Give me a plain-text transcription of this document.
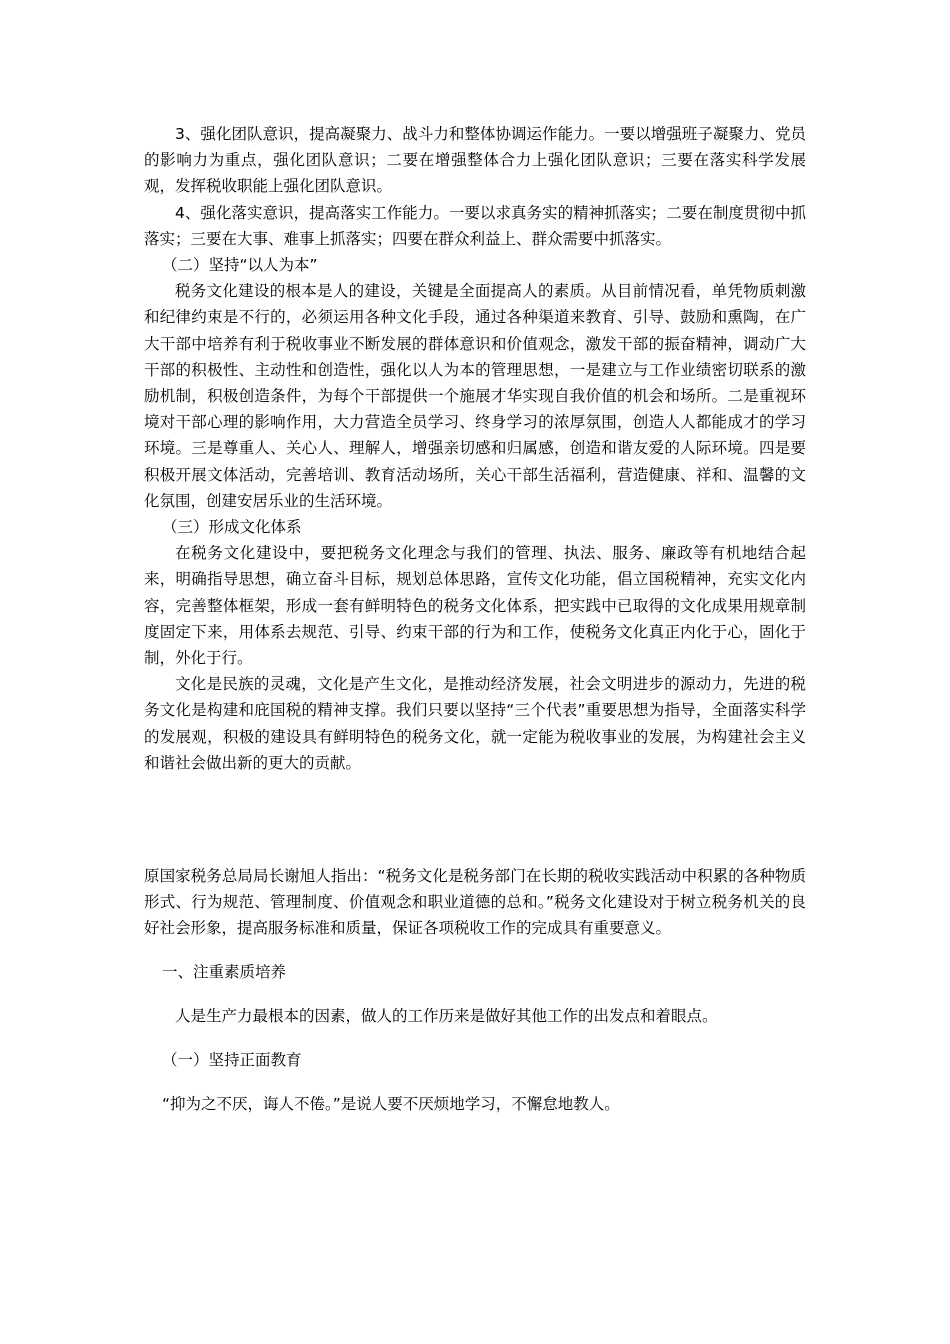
3、强化团队意识，提高凝聚力、战斗力和整体协调运作能力。一要以增强班子凝聚力、党员的影响力为重点，强化团队意识；二要在增强整体合力上强化团队意识；三要在落实科学发展观，发挥税收职能上强化团队意识。

4、强化落实意识，提高落实工作能力。一要以求真务实的精神抓落实；二要在制度贯彻中抓落实；三要在大事、难事上抓落实；四要在群众利益上、群众需要中抓落实。

（二）坚持“以人为本”

税务文化建设的根本是人的建设，关键是全面提高人的素质。从目前情况看，单凭物质刺激和纪律约束是不行的，必须运用各种文化手段，通过各种渠道来教育、引导、鼓励和熏陶，在广大干部中培养有利于税收事业不断发展的群体意识和价值观念，激发干部的振奋精神，调动广大干部的积极性、主动性和创造性，强化以人为本的管理思想，一是建立与工作业绩密切联系的激励机制，积极创造条件，为每个干部提供一个施展才华实现自我价值的机会和场所。二是重视环境对干部心理的影响作用，大力营造全员学习、终身学习的浓厚氛围，创造人人都能成才的学习环境。三是尊重人、关心人、理解人，增强亲切感和归属感，创造和谐友爱的人际环境。四是要积极开展文体活动，完善培训、教育活动场所，关心干部生活福利，营造健康、祥和、温馨的文化氛围，创建安居乐业的生活环境。

（三）形成文化体系

在税务文化建设中，要把税务文化理念与我们的管理、执法、服务、廉政等有机地结合起来，明确指导思想，确立奋斗目标，规划总体思路，宣传文化功能，倡立国税精神，充实文化内容，完善整体框架，形成一套有鲜明特色的税务文化体系，把实践中已取得的文化成果用规章制度固定下来，用体系去规范、引导、约束干部的行为和工作，使税务文化真正内化于心，固化于制，外化于行。

文化是民族的灵魂，文化是产生文化，是推动经济发展，社会文明进步的源动力，先进的税务文化是构建和庇国税的精神支撑。我们只要以坚持“三个代表”重要思想为指导，全面落实科学的发展观，积极的建设具有鲜明特色的税务文化，就一定能为税收事业的发展，为构建社会主义和谐社会做出新的更大的贡献。

原国家税务总局局长谢旭人指出：“税务文化是税务部门在长期的税收实践活动中积累的各种物质形式、行为规范、管理制度、价值观念和职业道德的总和。”税务文化建设对于树立税务机关的良好社会形象，提高服务标准和质量，保证各项税收工作的完成具有重要意义。

一、注重素质培养

人是生产力最根本的因素，做人的工作历来是做好其他工作的出发点和着眼点。

（一）坚持正面教育

“抑为之不厌，诲人不倦。”是说人要不厌烦地学习，不懈怠地教人。
